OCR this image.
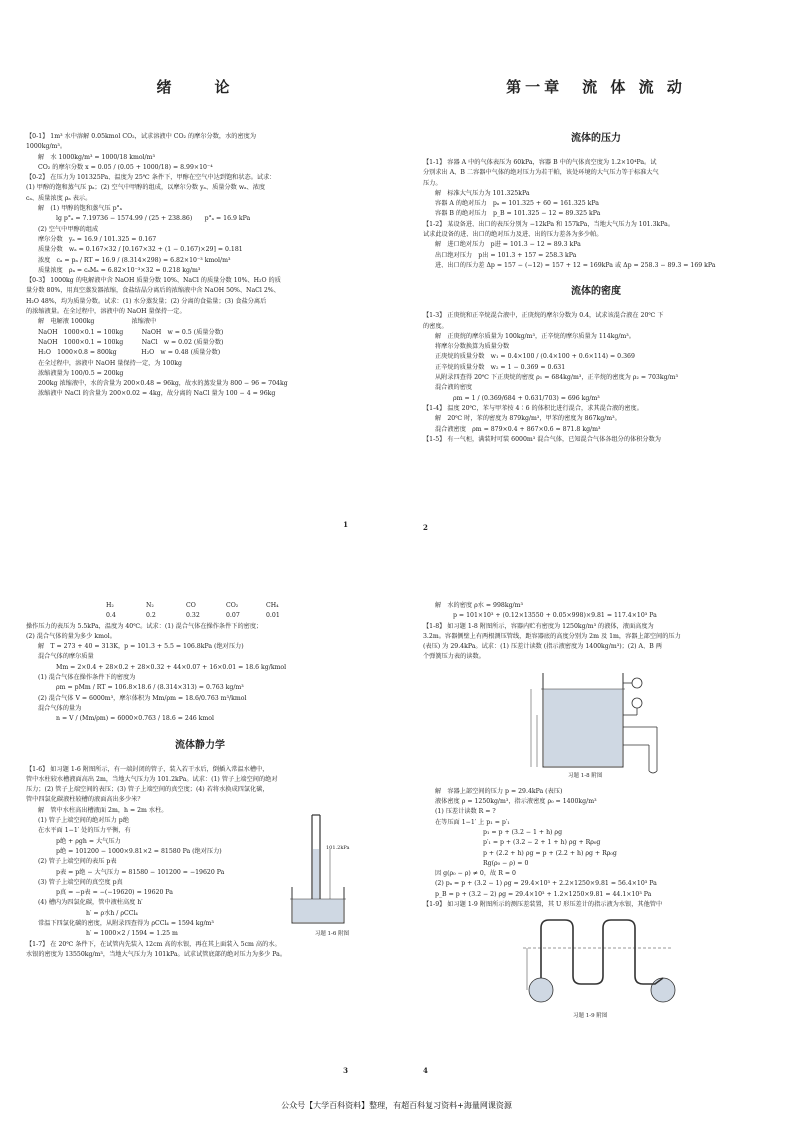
绪　论

【0-1】 1m³ 水中溶解 0.05kmol CO₂，试求溶液中 CO₂ 的摩尔分数，水的密度为

1000kg/m³。

解　水 1000kg/m³ = 1000/18 kmol/m³

CO₂ 的摩尔分数 x = 0.05 / (0.05 + 1000/18) = 8.99×10⁻⁴

【0-2】 在压力为 101325Pa、温度为 25℃ 条件下，甲醇在空气中达到饱和状态。试求：

(1) 甲醇的饱和蒸气压 pₐ；(2) 空气中甲醇的组成，以摩尔分数 yₐ、质量分数 wₐ、浓度

cₐ、质量浓度 ρₐ 表示。

解　(1) 甲醇的饱和蒸气压 p°ₐ

lg p°ₐ = 7.19736 − 1574.99 / (25 + 238.86)　　p°ₐ = 16.9 kPa

(2) 空气中甲醇的组成

摩尔分数　yₐ = 16.9 / 101.325 = 0.167

质量分数　wₐ = 0.167×32 / [0.167×32 + (1 − 0.167)×29] = 0.181

浓度　cₐ = pₐ / RT = 16.9 / (8.314×298) = 6.82×10⁻³ kmol/m³

质量浓度　ρₐ = cₐMₐ = 6.82×10⁻³×32 = 0.218 kg/m³

【0-3】 1000kg 的电解液中含 NaOH 质量分数 10%、NaCl 的质量分数 10%、H₂O 的质

量分数 80%，用真空蒸发器浓缩，食盐结晶分离后的浓缩液中含 NaOH 50%、NaCl 2%、

H₂O 48%，均为质量分数。试求：(1) 水分蒸发量；(2) 分离的食盐量；(3) 食盐分离后

的浓缩液量。在全过程中，溶液中的 NaOH 量保持一定。

解　电解液 1000kg　　　　　　浓缩液中

NaOH　1000×0.1 = 100kg　　　NaOH　w = 0.5 (质量分数)

NaOH　1000×0.1 = 100kg　　　NaCl　w = 0.02 (质量分数)

H₂O　1000×0.8 = 800kg　　　　H₂O　w = 0.48 (质量分数)

在全过程中，溶液中 NaOH 量保持一定，为 100kg

浓缩液量为 100/0.5 = 200kg

200kg 浓缩液中，水的含量为 200×0.48 = 96kg，故水的蒸发量为 800 − 96 = 704kg

浓缩液中 NaCl 的含量为 200×0.02 = 4kg，故分离的 NaCl 量为 100 − 4 = 96kg

1
第一章　流 体 流 动
流体的压力

【1-1】 容器 A 中的气体表压为 60kPa，容器 B 中的气体真空度为 1.2×10⁴Pa。试

分别求出 A、B 二容器中气体的绝对压力为若干帕，该处环境的大气压力等于标准大气

压力。

解　标准大气压力为 101.325kPa

容器 A 的绝对压力　pₐ = 101.325 + 60 = 161.325 kPa

容器 B 的绝对压力　p_B = 101.325 − 12 = 89.325 kPa

【1-2】 某设备进、出口的表压分别为 −12kPa 和 157kPa，当地大气压力为 101.3kPa。

试求此设备的进、出口的绝对压力及进、出的压力差各为多少帕。

解　进口绝对压力　p进 = 101.3 − 12 = 89.3 kPa

出口绝对压力　p出 = 101.3 + 157 = 258.3 kPa

进、出口的压力差 Δp = 157 − (−12) = 157 + 12 = 169kPa 或 Δp = 258.3 − 89.3 = 169 kPa

流体的密度

【1-3】 正庚烷和正辛烷混合液中，正庚烷的摩尔分数为 0.4，试求该混合液在 20℃ 下

的密度。

解　正庚烷的摩尔质量为 100kg/m³，正辛烷的摩尔质量为 114kg/m³。

将摩尔分数换算为质量分数

正庚烷的质量分数　w₁ = 0.4×100 / (0.4×100 + 0.6×114) = 0.369

正辛烷的质量分数　w₂ = 1 − 0.369 = 0.631

从附录四查得 20℃ 下正庚烷的密度 ρ₁ = 684kg/m³，正辛烷的密度为 ρ₂ = 703kg/m³

混合液的密度

ρm = 1 / (0.369/684 + 0.631/703) = 696 kg/m³

【1-4】 温度 20℃，苯与甲苯按 4∶6 的体积比进行混合，求其混合液的密度。

解　20℃ 时，苯的密度为 879kg/m³，甲苯的密度为 867kg/m³。

混合液密度　ρm = 879×0.4 + 867×0.6 = 871.8 kg/m³

【1-5】 有一气柜，满装时可装 6000m³ 混合气体，已知混合气体各组分的体积分数为

2
H₂	N₂	CO	CO₂	CH₄
0.4	0.2	0.32	0.07	0.01

操作压力的表压为 5.5kPa，温度为 40℃。试求：(1) 混合气体在操作条件下的密度；

(2) 混合气体的量为多少 kmol。

解　T = 273 + 40 = 313K，p = 101.3 + 5.5 = 106.8kPa (绝对压力)

混合气体的摩尔质量

Mm = 2×0.4 + 28×0.2 + 28×0.32 + 44×0.07 + 16×0.01 = 18.6 kg/kmol

(1) 混合气体在操作条件下的密度为

ρm = pMm / RT = 106.8×18.6 / (8.314×313) = 0.763 kg/m³

(2) 混合气体 V = 6000m³，摩尔体积为 Mm/ρm = 18.6/0.763 m³/kmol

混合气体的量为

n = V / (Mm/ρm) = 6000×0.763 / 18.6 = 246 kmol

流体静力学

【1-6】 如习题 1-6 附图所示，有一端封闭的管子，装入若干水后，倒插入常温水槽中，

管中水柱较水槽液面高出 2m，当地大气压力为 101.2kPa。试求：(1) 管子上端空间的绝对

压力；(2) 管子上端空间的表压；(3) 管子上端空间的真空度；(4) 若将水换成四氯化碳，

管中四氯化碳液柱较槽的液面高出多少米？

解　管中水柱高出槽液面 2m，h = 2m 水柱。

(1) 管子上端空间的绝对压力 p绝

在水平面 1−1′ 处的压力平衡，有

p绝 + ρgh = 大气压力

p绝 = 101200 − 1000×9.81×2 = 81580 Pa (绝对压力)

(2) 管子上端空间的表压 p表

p表 = p绝 − 大气压力 = 81580 − 101200 = −19620 Pa

(3) 管子上端空间的真空度 p真

p真 = −p表 = −(−19620) = 19620 Pa

(4) 槽内为四氯化碳，管中液柱高度 h′

h′ = ρ水h / ρCCl₄

常温下四氯化碳的密度，从附录四查得为 ρCCl₄ = 1594 kg/m³

h′ = 1000×2 / 1594 = 1.25 m

【1-7】 在 20℃ 条件下，在试管内先装入 12cm 高的水银，再在其上面装入 5cm 高的水。

水银的密度为 13550kg/m³，当地大气压力为 101kPa。试求试管底部的绝对压力为多少 Pa。

101.2kPa
习题 1-6 附图
3

解　水的密度 ρ水 = 998kg/m³

p = 101×10³ + (0.12×13550 + 0.05×998)×9.81 = 117.4×10³ Pa

【1-8】 如习题 1-8 附图所示，容器内贮有密度为 1250kg/m³ 的液体，液面高度为

3.2m。容器侧壁上有两根测压管线，距容器底的高度分别为 2m 及 1m，容器上部空间的压力

(表压) 为 29.4kPa。试求：(1) 压差计读数 (指示液密度为 1400kg/m³)；(2) A、B 两

个弹簧压力表的读数。

习题 1-8 附图

解　容器上部空间的压力 p = 29.4kPa (表压)

液体密度 ρ = 1250kg/m³，指示液密度 ρ₀ = 1400kg/m³

(1) 压差计读数 R = ?

在等压面 1−1′ 上 p₁ = p′₁

p₁ = p + (3.2 − 1 + h) ρg

p′₁ = p + (3.2 − 2 + 1 + h) ρg + Rρ₀g

p + (2.2 + h) ρg = p + (2.2 + h) ρg + Rρ₀g

Rg(ρ₀ − ρ) = 0

因 g(ρ₀ − ρ) ≠ 0，故 R = 0

(2) pₐ = p + (3.2 − 1) ρg = 29.4×10³ + 2.2×1250×9.81 = 56.4×10³ Pa

p_B = p + (3.2 − 2) ρg = 29.4×10³ + 1.2×1250×9.81 = 44.1×10³ Pa

【1-9】 如习题 1-9 附图所示的测压差装置，其 U 形压差计的指示液为水银，其他管中

习题 1-9 附图
4
公众号【大学百科资料】整理，有超百科复习资料+海量网课资源
